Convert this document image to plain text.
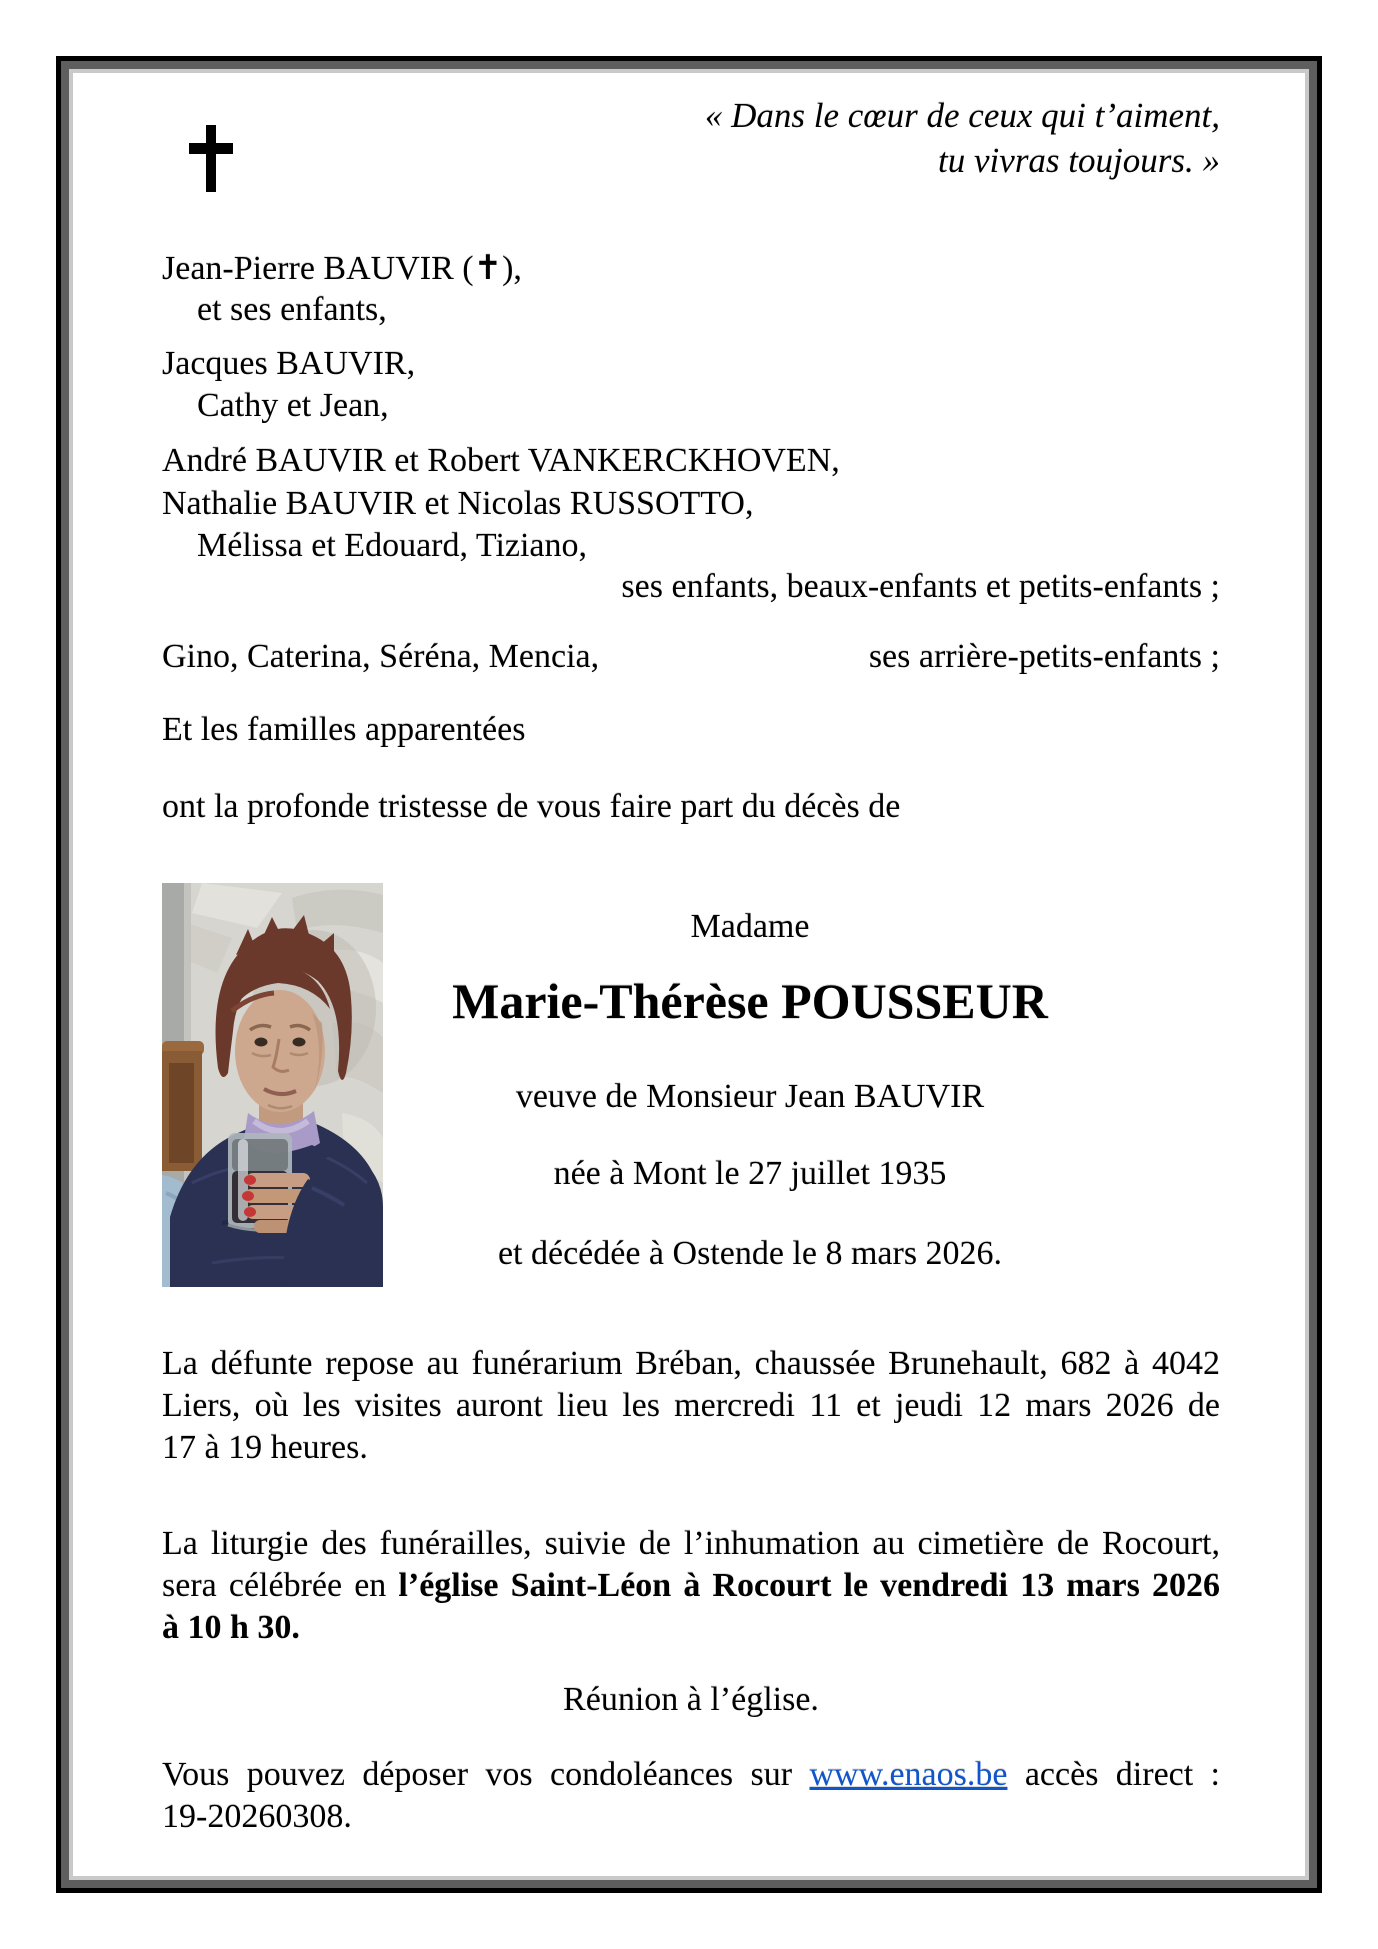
« Dans le cœur de ceux qui t’aiment,
tu vivras toujours. »
Jean-Pierre BAUVIR (✝),
et ses enfants,
Jacques BAUVIR,
Cathy et Jean,
André BAUVIR et Robert VANKERCKHOVEN,
Nathalie BAUVIR et Nicolas RUSSOTTO,
Mélissa et Edouard, Tiziano,
ses enfants, beaux-enfants et petits-enfants ;
Gino, Caterina, Séréna, Mencia,	ses arrière-petits-enfants ;
Et les familles apparentées
ont la profonde tristesse de vous faire part du décès de
Madame
Marie-Thérèse POUSSEUR
veuve de Monsieur Jean BAUVIR
née à Mont le 27 juillet 1935
et décédée à Ostende le 8 mars 2026.
La défunte repose au funérarium Bréban, chaussée Brunehault, 682 à 4042
Liers, où les visites auront lieu les mercredi 11 et jeudi 12 mars 2026 de
17 à 19 heures.
La liturgie des funérailles, suivie de l’inhumation au cimetière de Rocourt,
sera célébrée en l’église Saint-Léon à Rocourt le vendredi 13 mars 2026
à 10 h 30.
Réunion à l’église.
Vous pouvez déposer vos condoléances sur www.enaos.be accès direct :
19-20260308.
